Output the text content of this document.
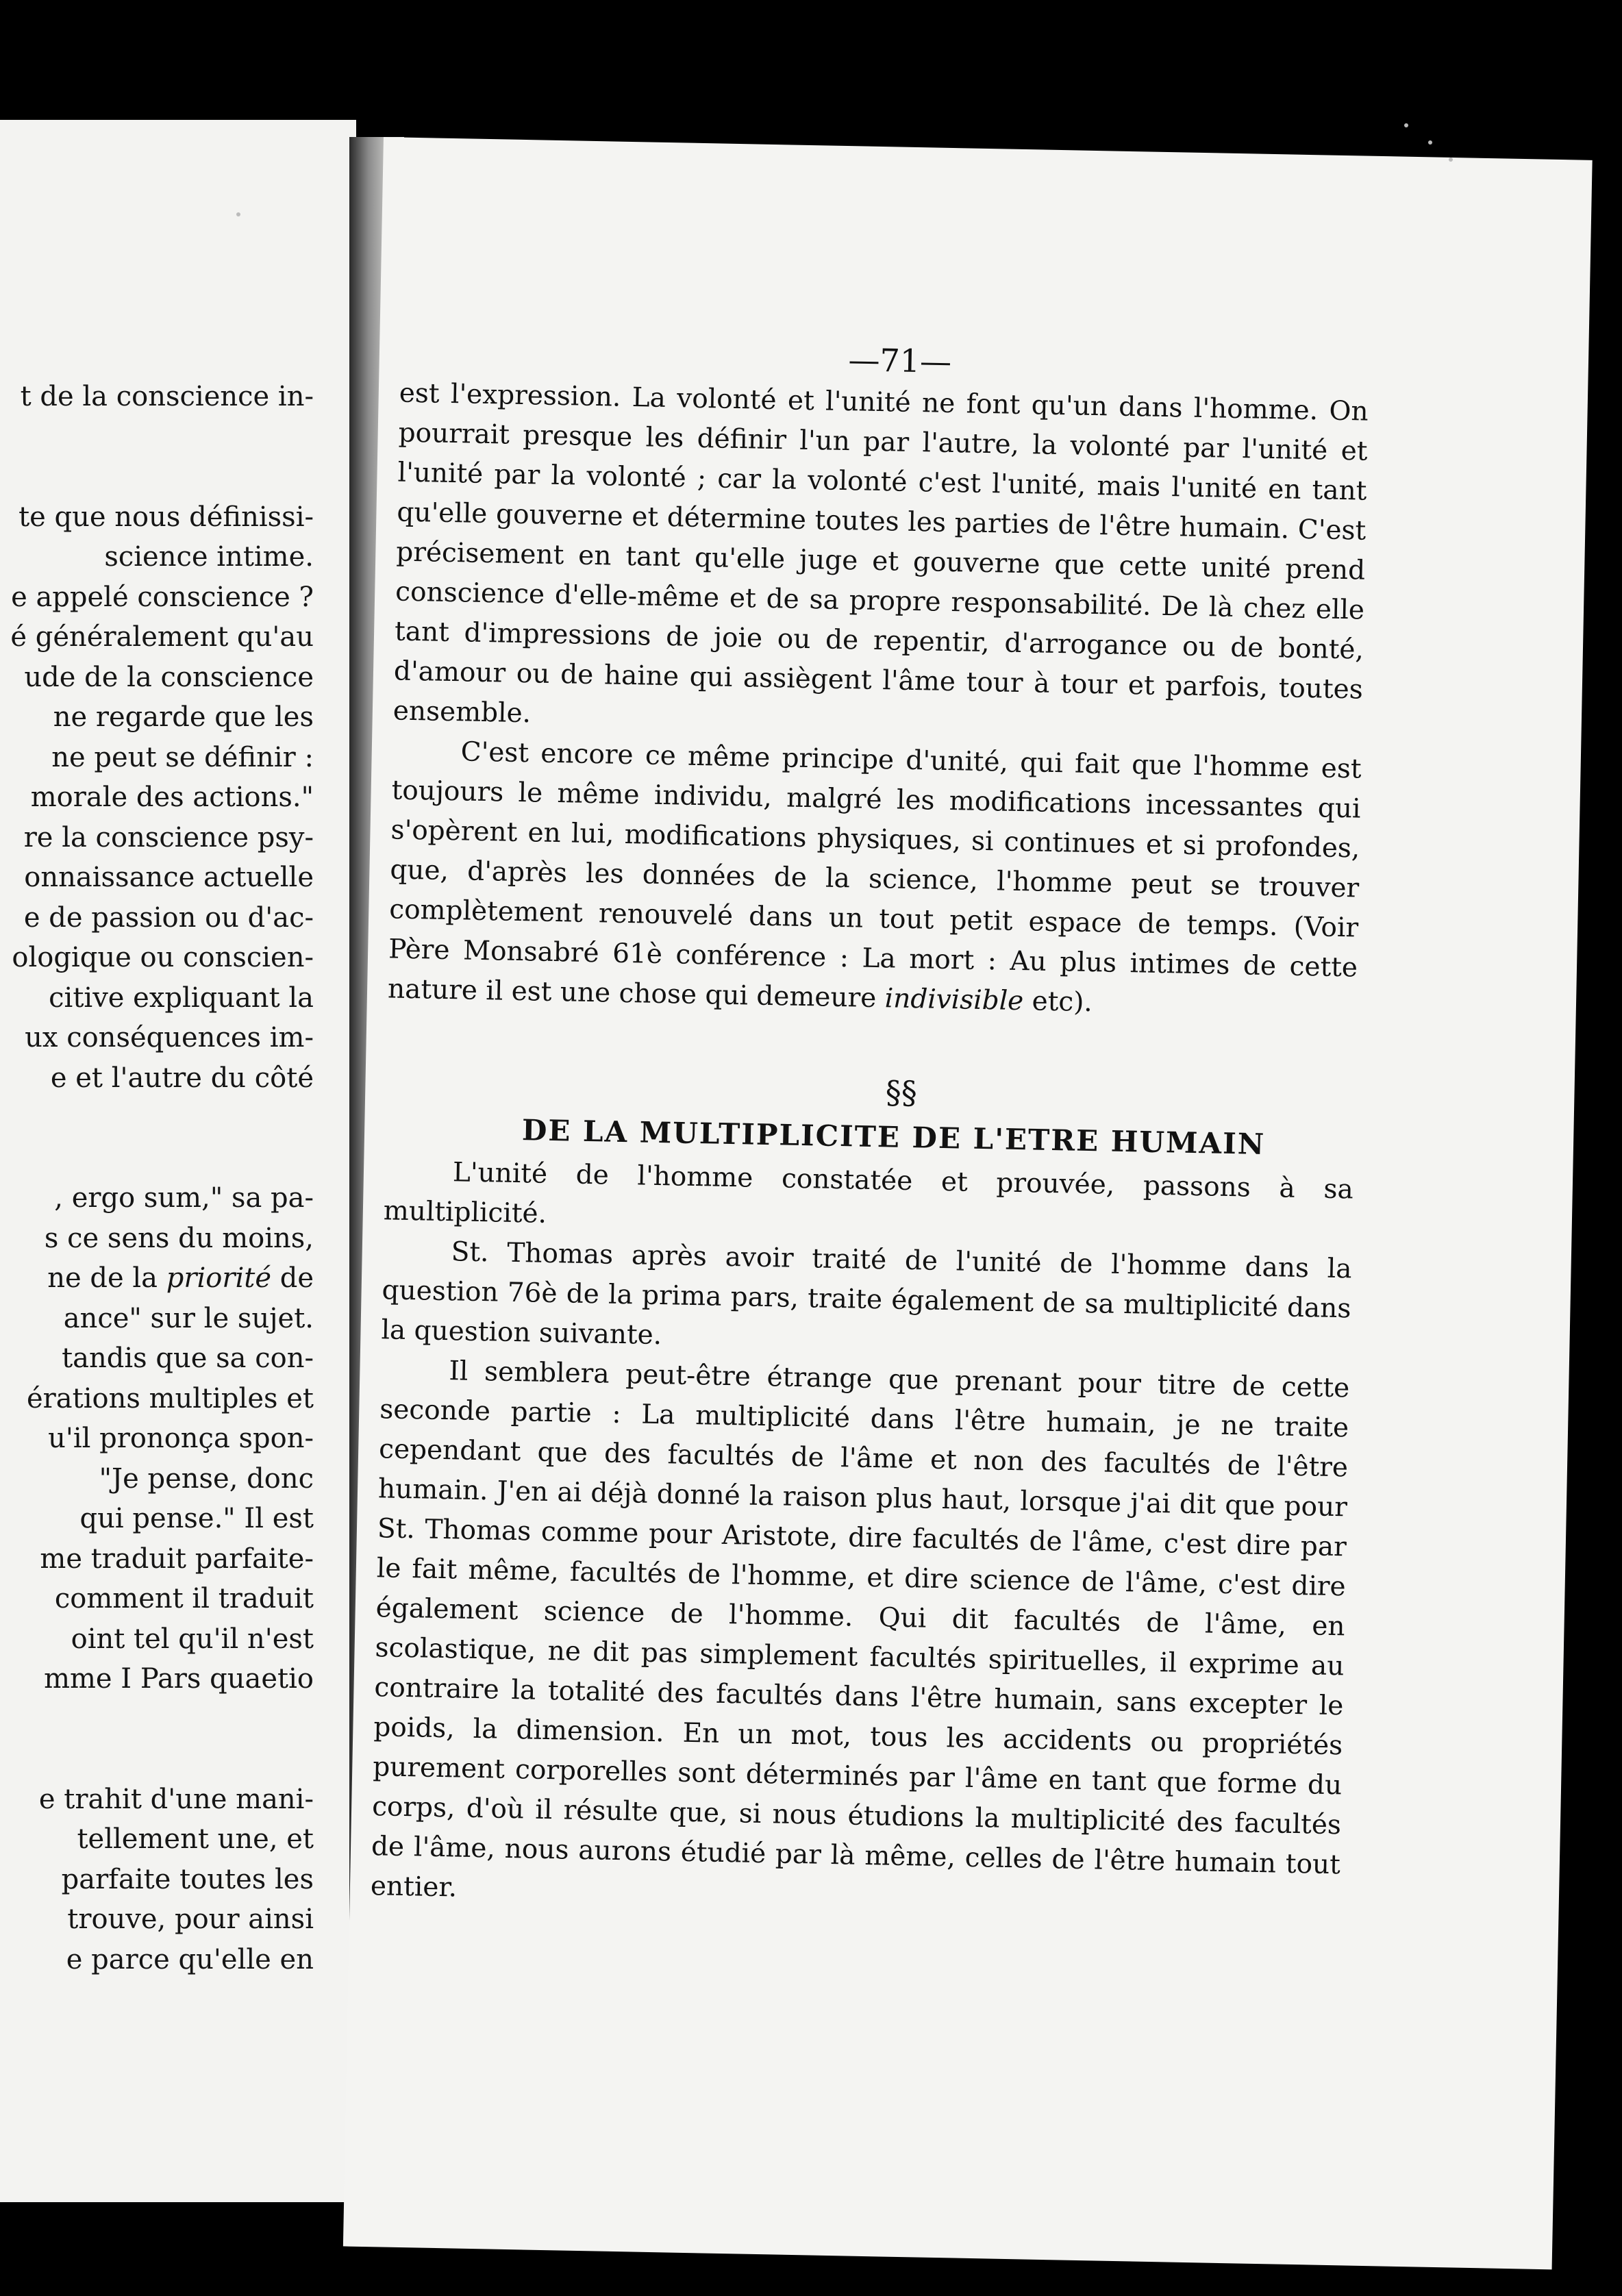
t de la conscience in-
te que nous définissi-
science intime.
e appelé conscience ?
é généralement qu'au
ude de la conscience
ne regarde que les
ne peut se définir :
morale des actions."
re la conscience psy-
onnaissance actuelle
e de passion ou d'ac-
ologique ou conscien-
citive expliquant la
ux conséquences im-
e et l'autre du côté
, ergo sum," sa pa-
s ce sens du moins,
ne de la priorité de
ance" sur le sujet.
tandis que sa con-
érations multiples et
u'il prononça spon-
"Je pense, donc
qui pense." Il est
me traduit parfaite-
comment il traduit
oint tel qu'il n'est
mme I Pars quaetio
e trahit d'une mani-
tellement une, et
parfaite toutes les
trouve, pour ainsi
e parce qu'elle en
—71—

est l'expression. La volonté et l'unité ne font qu'un dans l'homme. On pourrait presque les définir l'un par l'autre, la volonté par l'unité et l'unité par la volonté ; car la volonté c'est l'unité, mais l'unité en tant qu'elle gouverne et détermine toutes les parties de l'être humain. C'est précisement en tant qu'elle juge et gouverne que cette unité prend conscience d'elle-même et de sa propre responsabilité. De là chez elle tant d'impressions de joie ou de repentir, d'arrogance ou de bonté, d'amour ou de haine qui assiègent l'âme tour à tour et parfois, toutes ensemble.

C'est encore ce même principe d'unité, qui fait que l'homme est toujours le même individu, malgré les modifications incessantes qui s'opèrent en lui, modifications physiques, si continues et si profondes, que, d'après les données de la science, l'homme peut se trouver complètement renouvelé dans un tout petit espace de temps. (Voir Père Monsabré 61è conférence : La mort : Au plus intimes de cette nature il est une chose qui demeure indivisible etc).

§§
DE LA MULTIPLICITE DE L'ETRE HUMAIN

L'unité de l'homme constatée et prouvée, passons à sa multiplicité.

St. Thomas après avoir traité de l'unité de l'homme dans la question 76è de la prima pars, traite également de sa multiplicité dans la question suivante.

Il semblera peut-être étrange que prenant pour titre de cette seconde partie : La multiplicité dans l'être humain, je ne traite cependant que des facultés de l'âme et non des facultés de l'être humain. J'en ai déjà donné la raison plus haut, lorsque j'ai dit que pour St. Thomas comme pour Aristote, dire facultés de l'âme, c'est dire par le fait même, facultés de l'homme, et dire science de l'âme, c'est dire également science de l'homme. Qui dit facultés de l'âme, en scolastique, ne dit pas simplement facultés spirituelles, il exprime au contraire la totalité des facultés dans l'être humain, sans excepter le poids, la dimension. En un mot, tous les accidents ou propriétés purement corporelles sont déterminés par l'âme en tant que forme du corps, d'où il résulte que, si nous étudions la multiplicité des facultés de l'âme, nous aurons étudié par là même, celles de l'être humain tout entier.
